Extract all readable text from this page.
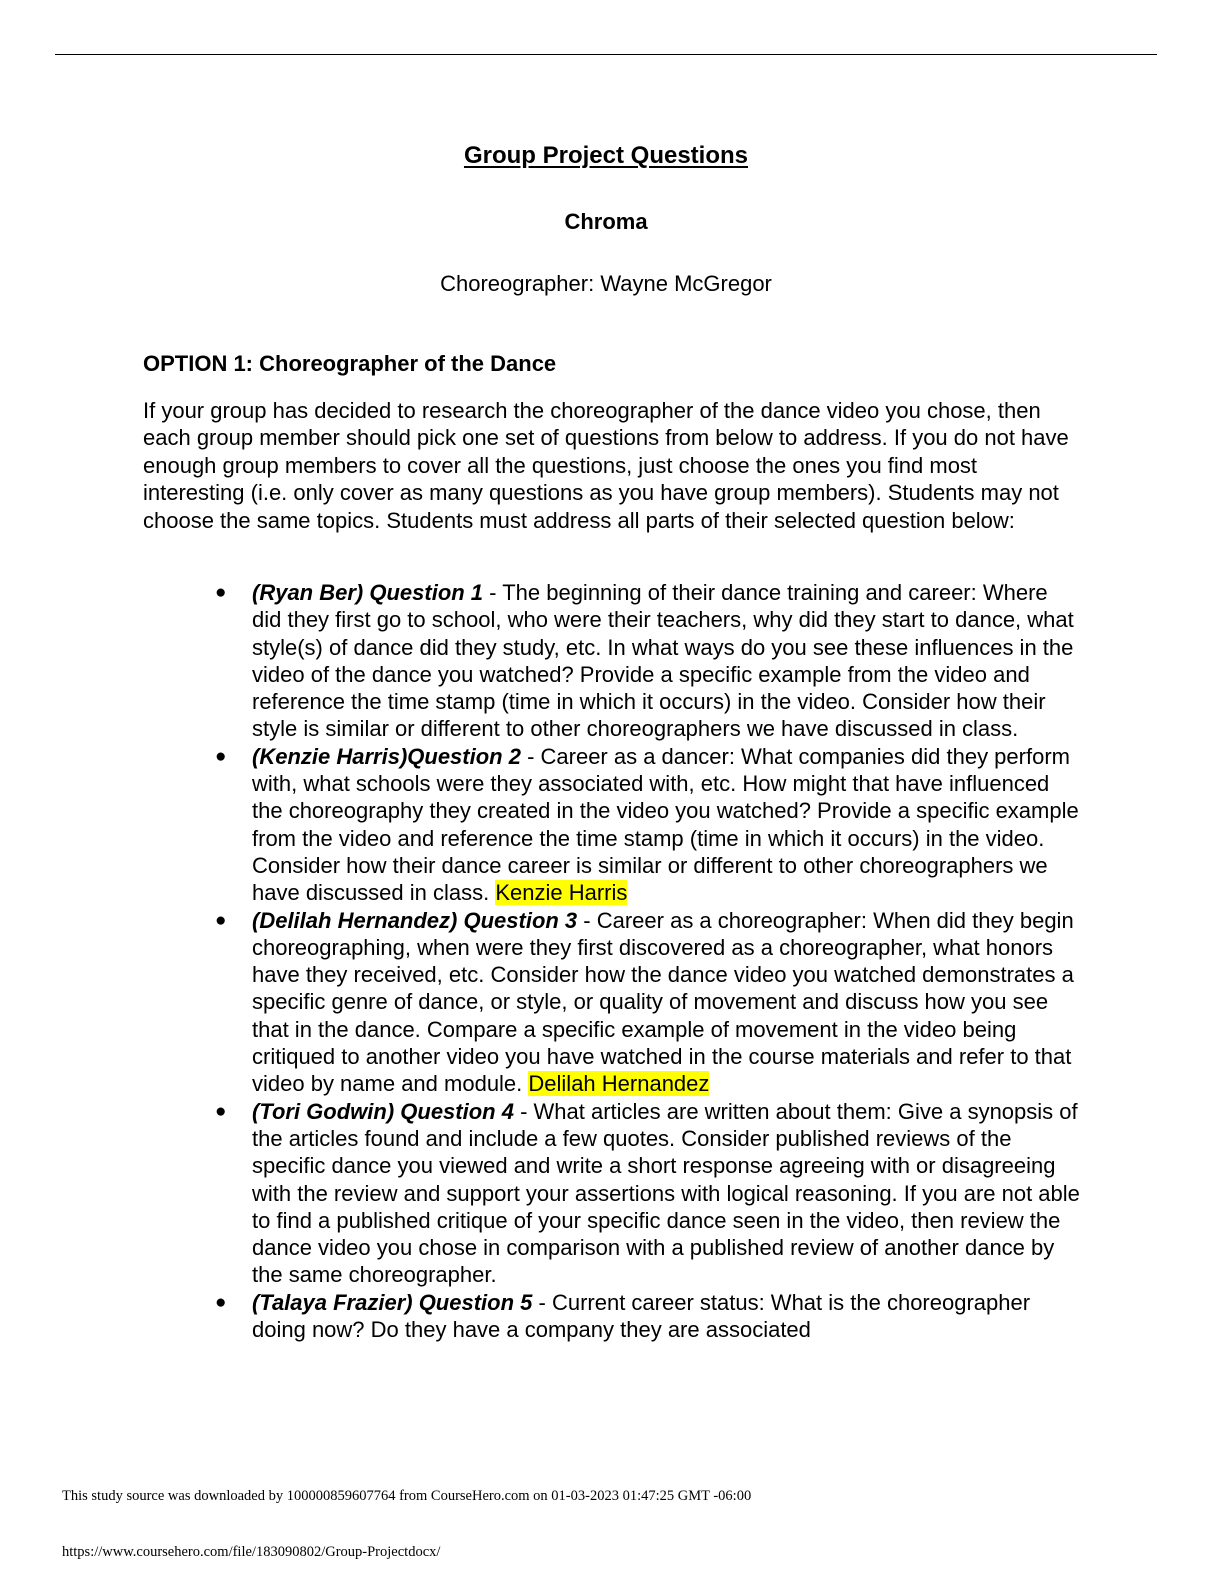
Group Project Questions
Chroma
Choreographer: Wayne McGregor
OPTION 1: Choreographer of the Dance

If your group has decided to research the choreographer of the dance video you chose, then each group member should pick one set of questions from below to address. If you do not have enough group members to cover all the questions, just choose the ones you find most interesting (i.e. only cover as many questions as you have group members). Students may not choose the same topics. Students must address all parts of their selected question below:

● (Ryan Ber) Question 1 - The beginning of their dance training and career: Where did they first go to school, who were their teachers, why did they start to dance, what style(s) of dance did they study, etc. In what ways do you see these influences in the video of the dance you watched? Provide a specific example from the video and reference the time stamp (time in which it occurs) in the video. Consider how their style is similar or different to other choreographers we have discussed in class.
● (Kenzie Harris)Question 2 - Career as a dancer: What companies did they perform with, what schools were they associated with, etc. How might that have influenced the choreography they created in the video you watched? Provide a specific example from the video and reference the time stamp (time in which it occurs) in the video. Consider how their dance career is similar or different to other choreographers we have discussed in class. Kenzie Harris
● (Delilah Hernandez) Question 3 - Career as a choreographer: When did they begin choreographing, when were they first discovered as a choreographer, what honors have they received, etc. Consider how the dance video you watched demonstrates a specific genre of dance, or style, or quality of movement and discuss how you see that in the dance. Compare a specific example of movement in the video being critiqued to another video you have watched in the course materials and refer to that video by name and module. Delilah Hernandez
● (Tori Godwin) Question 4 - What articles are written about them: Give a synopsis of the articles found and include a few quotes. Consider published reviews of the specific dance you viewed and write a short response agreeing with or disagreeing with the review and support your assertions with logical reasoning. If you are not able to find a published critique of your specific dance seen in the video, then review the dance video you chose in comparison with a published review of another dance by the same choreographer.
● (Talaya Frazier) Question 5 - Current career status: What is the choreographer doing now? Do they have a company they are associated
This study source was downloaded by 100000859607764 from CourseHero.com on 01-03-2023 01:47:25 GMT -06:00
https://www.coursehero.com/file/183090802/Group-Projectdocx/
